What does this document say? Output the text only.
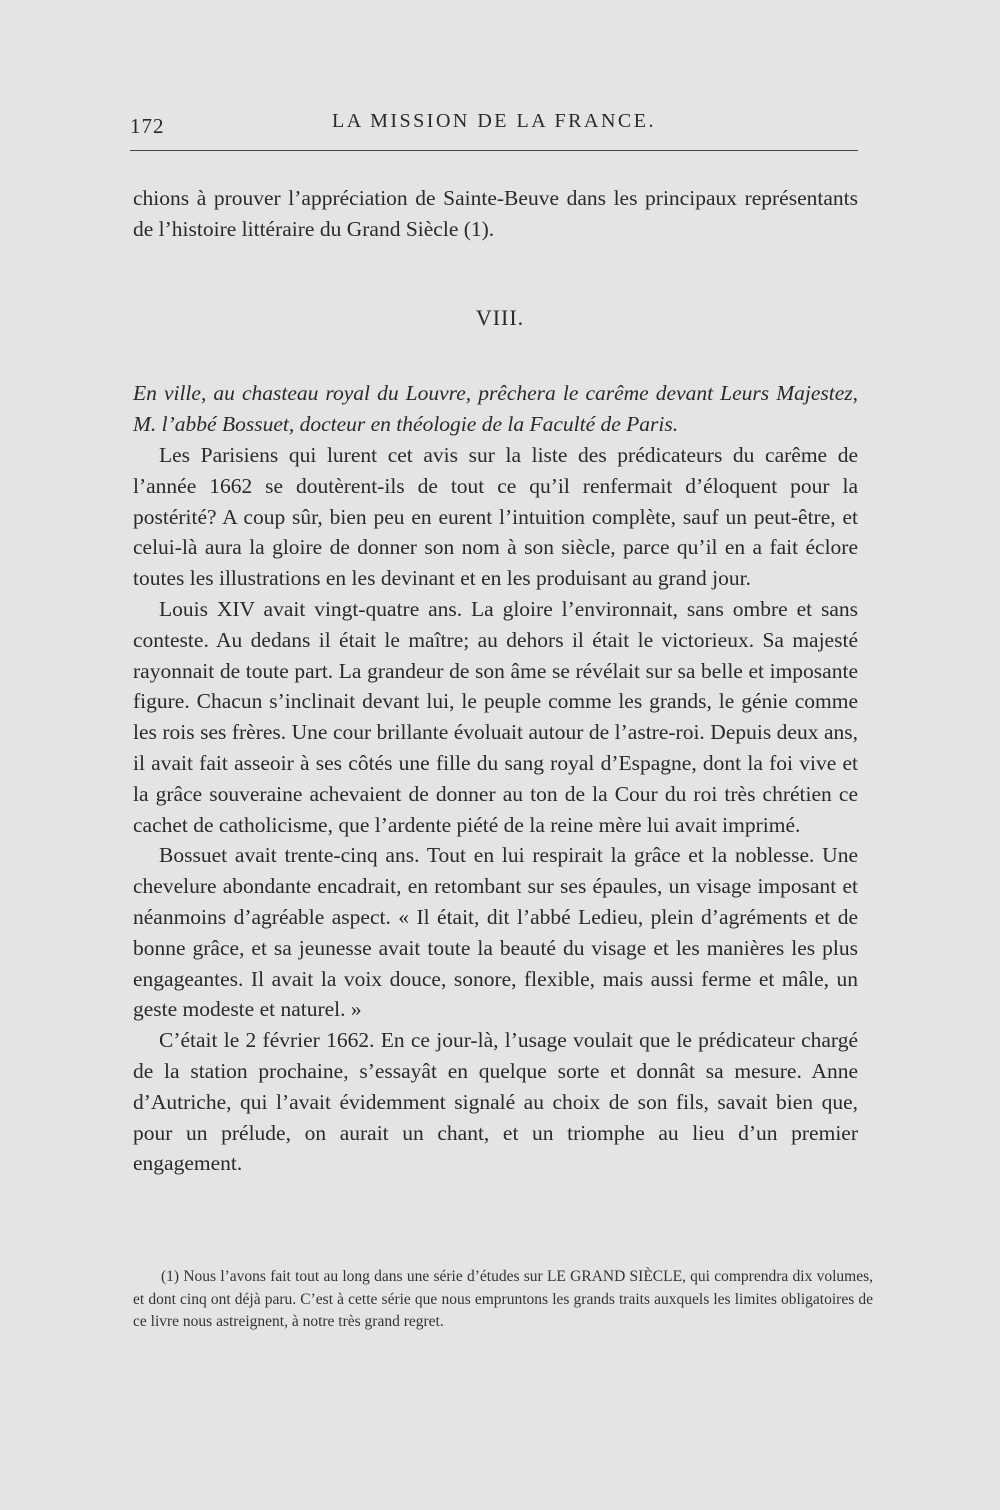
172	LA MISSION DE LA FRANCE.

chions à prouver l’appréciation de Sainte-Beuve dans les principaux représentants de l’histoire littéraire du Grand Siècle (1).

VIII.

En ville, au chasteau royal du Louvre, prêchera le carême devant Leurs Majestez, M. l’abbé Bossuet, docteur en théologie de la Faculté de Paris.

Les Parisiens qui lurent cet avis sur la liste des prédicateurs du carême de l’année 1662 se doutèrent-ils de tout ce qu’il renfermait d’éloquent pour la postérité? A coup sûr, bien peu en eurent l’intuition complète, sauf un peut-être, et celui-là aura la gloire de donner son nom à son siècle, parce qu’il en a fait éclore toutes les illustrations en les devinant et en les produisant au grand jour.

Louis XIV avait vingt-quatre ans. La gloire l’environnait, sans ombre et sans conteste. Au dedans il était le maître; au dehors il était le victorieux. Sa majesté rayonnait de toute part. La grandeur de son âme se révélait sur sa belle et imposante figure. Chacun s’inclinait devant lui, le peuple comme les grands, le génie comme les rois ses frères. Une cour brillante évoluait autour de l’astre-roi. Depuis deux ans, il avait fait asseoir à ses côtés une fille du sang royal d’Espagne, dont la foi vive et la grâce souveraine achevaient de donner au ton de la Cour du roi très chrétien ce cachet de catholicisme, que l’ardente piété de la reine mère lui avait imprimé.

Bossuet avait trente-cinq ans. Tout en lui respirait la grâce et la noblesse. Une chevelure abondante encadrait, en retombant sur ses épaules, un visage imposant et néanmoins d’agréable aspect. « Il était, dit l’abbé Ledieu, plein d’agréments et de bonne grâce, et sa jeunesse avait toute la beauté du visage et les manières les plus engageantes. Il avait la voix douce, sonore, flexible, mais aussi ferme et mâle, un geste modeste et naturel. »

C’était le 2 février 1662. En ce jour-là, l’usage voulait que le prédicateur chargé de la station prochaine, s’essayât en quelque sorte et donnât sa mesure. Anne d’Autriche, qui l’avait évidemment signalé au choix de son fils, savait bien que, pour un prélude, on aurait un chant, et un triomphe au lieu d’un premier engagement.

(1) Nous l’avons fait tout au long dans une série d’études sur LE GRAND SIÈCLE, qui comprendra dix volumes, et dont cinq ont déjà paru. C’est à cette série que nous empruntons les grands traits auxquels les limites obligatoires de ce livre nous astreignent, à notre très grand regret.
